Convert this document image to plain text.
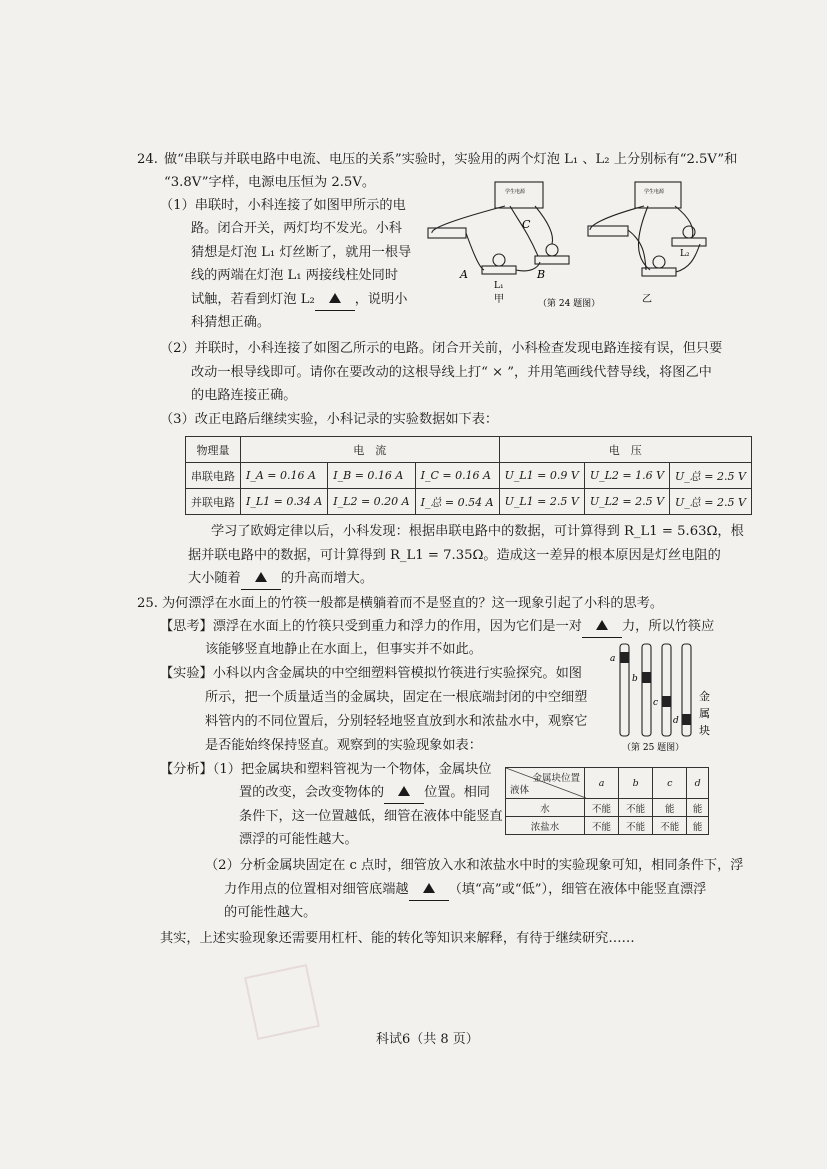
24. 做“串联与并联电路中电流、电压的关系”实验时，实验用的两个灯泡 L₁ 、L₂ 上分别标有“2.5V”和
“3.8V”字样，电源电压恒为 2.5V。
（1）串联时，小科连接了如图甲所示的电
路。闭合开关，两灯均不发光。小科
猜想是灯泡 L₁ 灯丝断了，就用一根导
线的两端在灯泡 L₁ 两接线柱处同时
试触，若看到灯泡 L₂	，说明小
科猜想正确。
A	B
C
L₁
L₂
学生电源	学生电源
甲	乙
（第 24 题图）
（2）并联时，小科连接了如图乙所示的电路。闭合开关前，小科检查发现电路连接有误，但只要
改动一根导线即可。请你在要改动的这根导线上打“ × ”，并用笔画线代替导线，将图乙中
的电路连接正确。
（3）改正电路后继续实验，小科记录的实验数据如下表：
物理量	电　流			电　压		
串联电路	I_A = 0.16 A	I_B = 0.16 A	I_C = 0.16 A	U_L1 = 0.9 V	U_L2 = 1.6 V	U_总 = 2.5 V
并联电路	I_L1 = 0.34 A	I_L2 = 0.20 A	I_总 = 0.54 A	U_L1 = 2.5 V	U_L2 = 2.5 V	U_总 = 2.5 V
学习了欧姆定律以后，小科发现：根据串联电路中的数据，可计算得到 R_L1 = 5.63Ω，根
据并联电路中的数据，可计算得到 R_L1 = 7.35Ω。造成这一差异的根本原因是灯丝电阻的
大小随着	的升高而增大。
25. 为何漂浮在水面上的竹筷一般都是横躺着而不是竖直的？这一现象引起了小科的思考。
【思考】漂浮在水面上的竹筷只受到重力和浮力的作用，因为它们是一对	力，所以竹筷应
该能够竖直地静止在水面上，但事实并不如此。
【实验】小科以内含金属块的中空细塑料管模拟竹筷进行实验探究。如图
所示，把一个质量适当的金属块，固定在一根底端封闭的中空细塑
料管内的不同位置后，分别轻轻地竖直放到水和浓盐水中，观察它
是否能始终保持竖直。观察到的实验现象如表：
a
b
c
d
金
属
块
（第 25 题图）
【分析】（1）把金属块和塑料管视为一个物体，金属块位
置的改变，会改变物体的	位置。相同
条件下，这一位置越低，细管在液体中能竖直
漂浮的可能性越大。
金属块位置
液体	a	b	c	d
水	不能	不能	能	能
浓盐水	不能	不能	不能	能
（2）分析金属块固定在 c 点时，细管放入水和浓盐水中时的实验现象可知，相同条件下，浮
力作用点的位置相对细管底端越	（填“高”或“低”），细管在液体中能竖直漂浮
的可能性越大。
其实，上述实验现象还需要用杠杆、能的转化等知识来解释，有待于继续研究……
科试6（共 8 页）
